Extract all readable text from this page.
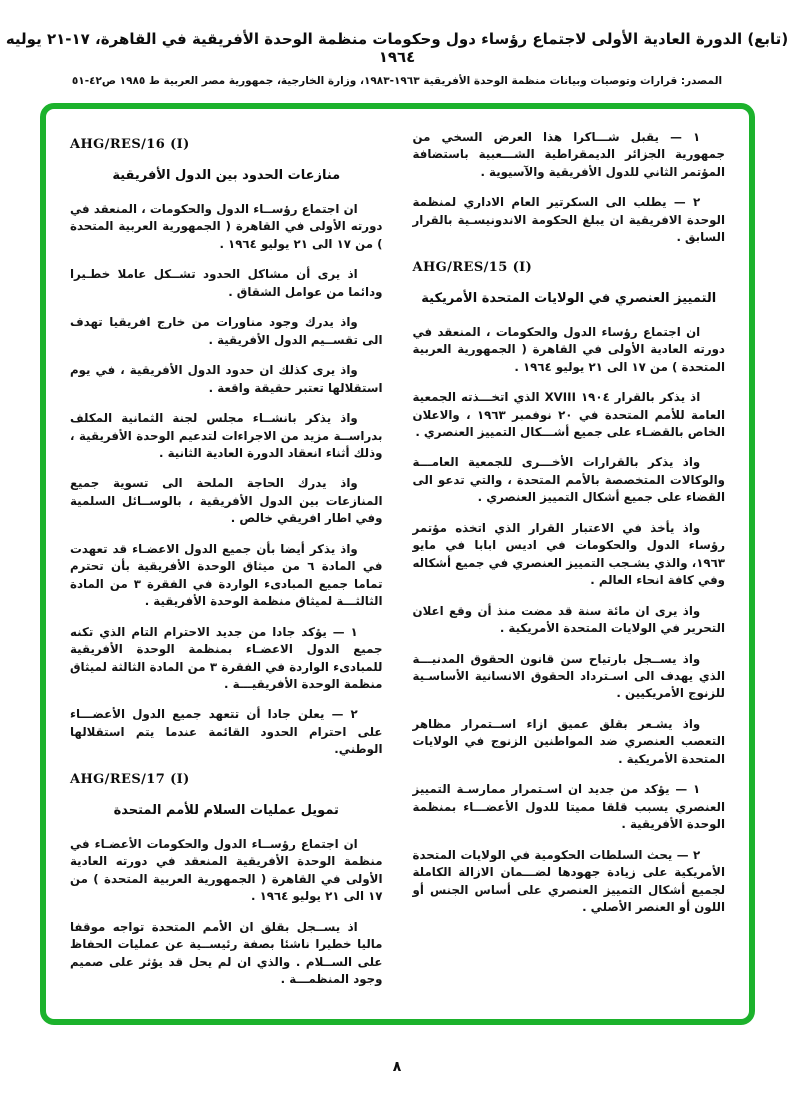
(تابع) الدورة العادية الأولى لاجتماع رؤساء دول وحكومات منظمة الوحدة الأفريقية في القاهرة، ١٧-٢١ يوليه ١٩٦٤
المصدر: قرارات وتوصيات وبيانات منظمة الوحدة الأفريقية ١٩٦٣-١٩٨٣، وزارة الخارجية، جمهورية مصر العربية ط ١٩٨٥ ص٤٢-٥١
١ — يقبل شـــاكرا هذا العرض السخي من جمهورية الجزائر الديمقراطية الشـــعبية باستضافة المؤتمر الثاني للدول الأفريقية والآسيوية .
٢ — يطلب الى السكرتير العام الاداري لمنظمة الوحدة الافريقية ان يبلغ الحكومة الاندونيسـية بالقرار السابق .
AHG/RES/15 (I)
التمييز العنصري في الولايات المتحدة الأمريكية
ان اجتماع رؤساء الدول والحكومات ، المنعقد في دورته العادية الأولى في القاهرة ( الجمهورية العربية المتحدة ) من ١٧ الى ٢١ يوليو ١٩٦٤ .
اذ يذكر بالقرار ١٩٠٤ XVIII الذي اتخـــذته الجمعية العامة للأمم المتحدة في ٢٠ نوفمبر ١٩٦٣ ، والاعلان الخاص بالقضـاء على جميع أشـــكال التمييز العنصري .
واذ يذكر بالقرارات الأخـــرى للجمعية العامـــة والوكالات المتخصصة بالأمم المتحدة ، والتي تدعو الى القضاء على جميع أشكال التمييز العنصري .
واذ يأخذ في الاعتبار القرار الذي اتخذه مؤتمر رؤساء الدول والحكومات في اديس ابابا في مايو ١٩٦٣، والذي يشـجب التمييز العنصري في جميع أشكاله وفي كافة انحاء العالم .
واذ يرى ان مائة سنة قد مضت منذ أن وقع اعلان التحرير في الولايات المتحدة الأمريكية .
واذ يســجل بارتياح سن قانون الحقوق المدنيـــة الذي يهدف الى اسـترداد الحقوق الانسانية الأساسـية للزنوج الأمريكيين .
واذ يشـعر بقلق عميق ازاء اســتمرار مظاهر التعصب العنصري ضد المواطنين الزنوج في الولايات المتحدة الأمريكية .
١ — يؤكد من جديد ان اسـتمرار ممارسـة التمييز العنصري يسبب قلقا مميتا للدول الأعضـــاء بمنظمة الوحدة الأفريقية .
٢ — يحث السلطات الحكومية في الولايات المتحدة الأمريكية على زيادة جهودها لضـــمان الازالة الكاملة لجميع أشكال التمييز العنصري على أساس الجنس أو اللون أو العنصر الأصلي .
AHG/RES/16 (I)
منازعات الحدود بين الدول الأفريقية
ان اجتماع رؤســاء الدول والحكومات ، المنعقد في دورته الأولى في القاهرة ( الجمهورية العربية المتحدة ) من ١٧ الى ٢١ يوليو ١٩٦٤ .
اذ يرى أن مشاكل الحدود تشــكل عاملا خطـيرا ودائما من عوامل الشقاق .
واذ يدرك وجود مناورات من خارج افريقيا تهدف الى تقســيم الدول الأفريقية .
واذ يرى كذلك ان حدود الدول الأفريقية ، في يوم استقلالها تعتبر حقيقة واقعة .
واذ يذكر بانشــاء مجلس لجنة الثمانية المكلف بدراســة مزيد من الاجراءات لتدعيم الوحدة الأفريقية ، وذلك أثناء انعقاد الدورة العادية الثانية .
واذ يدرك الحاجة الملحة الى تسوية جميع المنازعات بين الدول الأفريقية ، بالوســائل السلمية وفي اطار افريقي خالص .
واذ يذكر أيضا بأن جميع الدول الاعضـاء قد تعهدت في المادة ٦ من ميثاق الوحدة الأفريقية بأن تحترم تماما جميع المبادىء الواردة في الفقرة ٣ من المادة الثالثـــة لميثاق منظمة الوحدة الأفريقية .
١ — يؤكد جادا من جديد الاحترام التام الذي تكنه جميع الدول الاعضـاء بمنظمة الوحدة الأفريقية للمبادىء الواردة في الفقرة ٣ من المادة الثالثة لميثاق منظمة الوحدة الأفريقيـــة .
٢ — يعلن جادا أن تتعهد جميع الدول الأعضـــاء على احترام الحدود القائمة عندما يتم استقلالها الوطني.
AHG/RES/17 (I)
تمويل عمليات السلام للأمم المتحدة
ان اجتماع رؤســاء الدول والحكومات الأعضـاء في منظمة الوحدة الأفريقية المنعقد في دورته العادية الأولى في القاهرة ( الجمهورية العربية المتحدة ) من ١٧ الى ٢١ يوليو ١٩٦٤ .
اذ يســجل بقلق ان الأمم المتحدة تواجه موقفا ماليا خطيرا ناشئا بصفة رئيســية عن عمليات الحفاظ على الســلام . والذي ان لم يحل قد يؤثر على صميم وجود المنظمـــة .
٨
